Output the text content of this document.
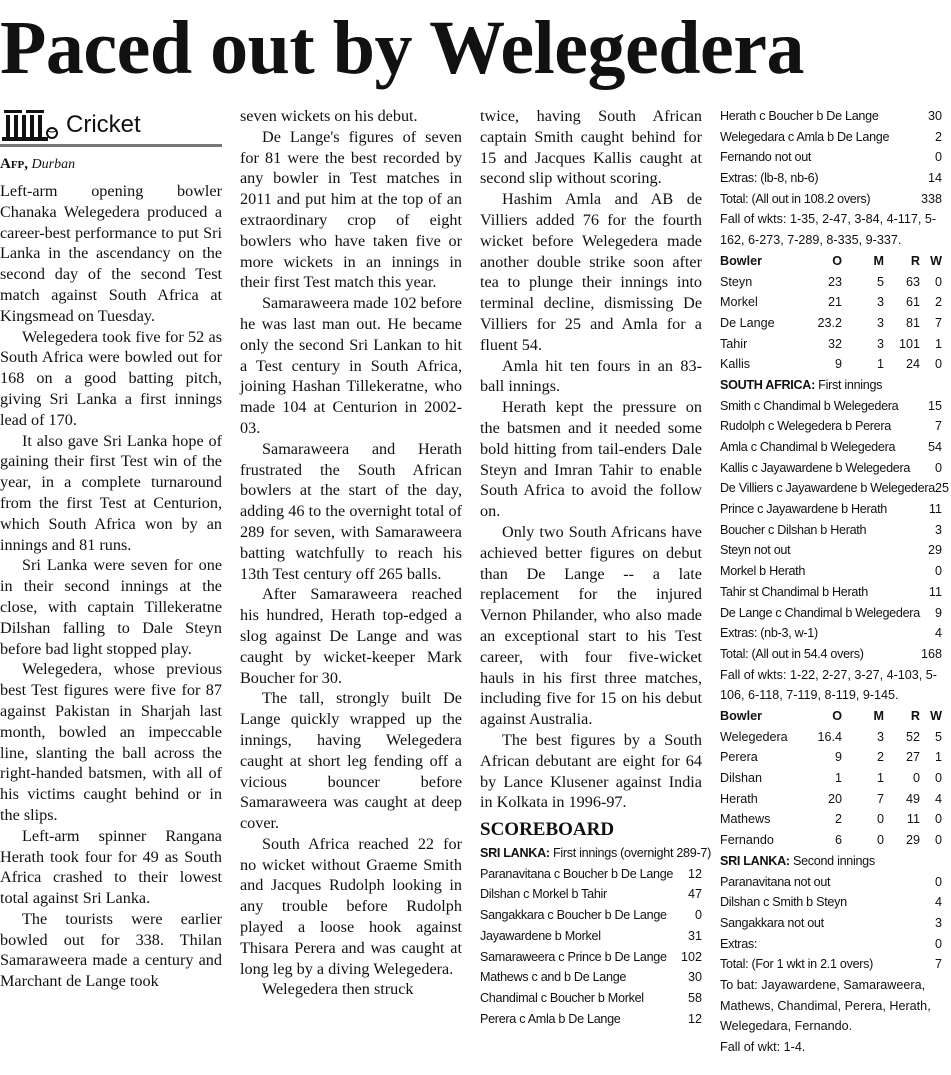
Paced out by Welegedera
Cricket
Afp, Durban

Left-arm opening bowler Chanaka Welegedera produced a career-best performance to put Sri Lanka in the ascendancy on the second day of the second Test match against South Africa at Kingsmead on Tuesday.

Welegedera took five for 52 as South Africa were bowled out for 168 on a good batting pitch, giving Sri Lanka a first innings lead of 170.

It also gave Sri Lanka hope of gaining their first Test win of the year, in a complete turnaround from the first Test at Centurion, which South Africa won by an innings and 81 runs.

Sri Lanka were seven for one in their second innings at the close, with captain Tillekeratne Dilshan falling to Dale Steyn before bad light stopped play.

Welegedera, whose previous best Test figures were five for 87 against Pakistan in Sharjah last month, bowled an impeccable line, slanting the ball across the right-handed batsmen, with all of his victims caught behind or in the slips.

Left-arm spinner Rangana Herath took four for 49 as South Africa crashed to their lowest total against Sri Lanka.

The tourists were earlier bowled out for 338. Thilan Samaraweera made a century and Marchant de Lange took

seven wickets on his debut.

De Lange's figures of seven for 81 were the best recorded by any bowler in Test matches in 2011 and put him at the top of an extraordinary crop of eight bowlers who have taken five or more wickets in an innings in their first Test match this year.

Samaraweera made 102 before he was last man out. He became only the second Sri Lankan to hit a Test century in South Africa, joining Hashan Tillekeratne, who made 104 at Centurion in 2002-03.

Samaraweera and Herath frustrated the South African bowlers at the start of the day, adding 46 to the overnight total of 289 for seven, with Samaraweera batting watchfully to reach his 13th Test century off 265 balls.

After Samaraweera reached his hundred, Herath top-edged a slog against De Lange and was caught by wicket-keeper Mark Boucher for 30.

The tall, strongly built De Lange quickly wrapped up the innings, having Welegedera caught at short leg fending off a vicious bouncer before Samaraweera was caught at deep cover.

South Africa reached 22 for no wicket without Graeme Smith and Jacques Rudolph looking in any trouble before Rudolph played a loose hook against Thisara Perera and was caught at long leg by a diving Welegedera.

Welegedera then struck

twice, having South African captain Smith caught behind for 15 and Jacques Kallis caught at second slip without scoring.

Hashim Amla and AB de Villiers added 76 for the fourth wicket before Welegedera made another double strike soon after tea to plunge their innings into terminal decline, dismissing De Villiers for 25 and Amla for a fluent 54.

Amla hit ten fours in an 83-ball innings.

Herath kept the pressure on the batsmen and it needed some bold hitting from tail-enders Dale Steyn and Imran Tahir to enable South Africa to avoid the follow on.

Only two South Africans have achieved better figures on debut than De Lange -- a late replacement for the injured Vernon Philander, who also made an exceptional start to his Test career, with four five-wicket hauls in his first three matches, including five for 15 on his debut against Australia.

The best figures by a South African debutant are eight for 64 by Lance Klusener against India in Kolkata in 1996-97.

SCOREBOARD
SRI LANKA: First innings (overnight 289-7)
Paranavitana c Boucher b De Lange 12
Dilshan c Morkel b Tahir	47
Sangakkara c Boucher b De Lange 0
Jayawardene b Morkel	31
Samaraweera c Prince b De Lange 102
Mathews c and b De Lange	30
Chandimal c Boucher b Morkel	58
Perera c Amla b De Lange	12
Herath c Boucher b De Lange	30
Welegedara c Amla b De Lange	2
Fernando not out	0
Extras: (lb-8, nb-6)	14
Total: (All out in 108.2 overs)	338
Fall of wkts: 1-35, 2-47, 3-84, 4-117, 5-162, 6-273, 7-289, 8-335, 9-337.
Bowler	O	M	R W
Steyn	23	5	63	0
Morkel	21	3	61	2
De Lange	23.2	3	81	7
Tahir	32	3	101	1
Kallis	9	1	24	0
SOUTH AFRICA: First innings
Smith c Chandimal b Welegedera 15
Rudolph c Welegedera b Perera	7
Amla c Chandimal b Welegedera	54
Kallis c Jayawardene b Welegedera 0
De Villiers c Jayawardene b Welegedera 25
Prince c Jayawardene b Herath	11
Boucher c Dilshan b Herath	3
Steyn not out	29
Morkel b Herath	0
Tahir st Chandimal b Herath	11
De Lange c Chandimal b Welegedera 9
Extras: (nb-3, w-1)	4
Total: (All out in 54.4 overs)	168
Fall of wkts: 1-22, 2-27, 3-27, 4-103, 5-106, 6-118, 7-119, 8-119, 9-145.
Bowler	O	M	R W
Welegedera	16.4	3	52	5
Perera	9	2	27	1
Dilshan	1	1	0	0
Herath	20	7	49	4
Mathews	2	0	11	0
Fernando	6	0	29	0
SRI LANKA: Second innings
Paranavitana not out	0
Dilshan c Smith b Steyn	4
Sangakkara not out	3
Extras:	0
Total: (For 1 wkt in 2.1 overs)	7
To bat: Jayawardene, Samaraweera, Mathews, Chandimal, Perera, Herath, Welegedara, Fernando.
Fall of wkt: 1-4.
